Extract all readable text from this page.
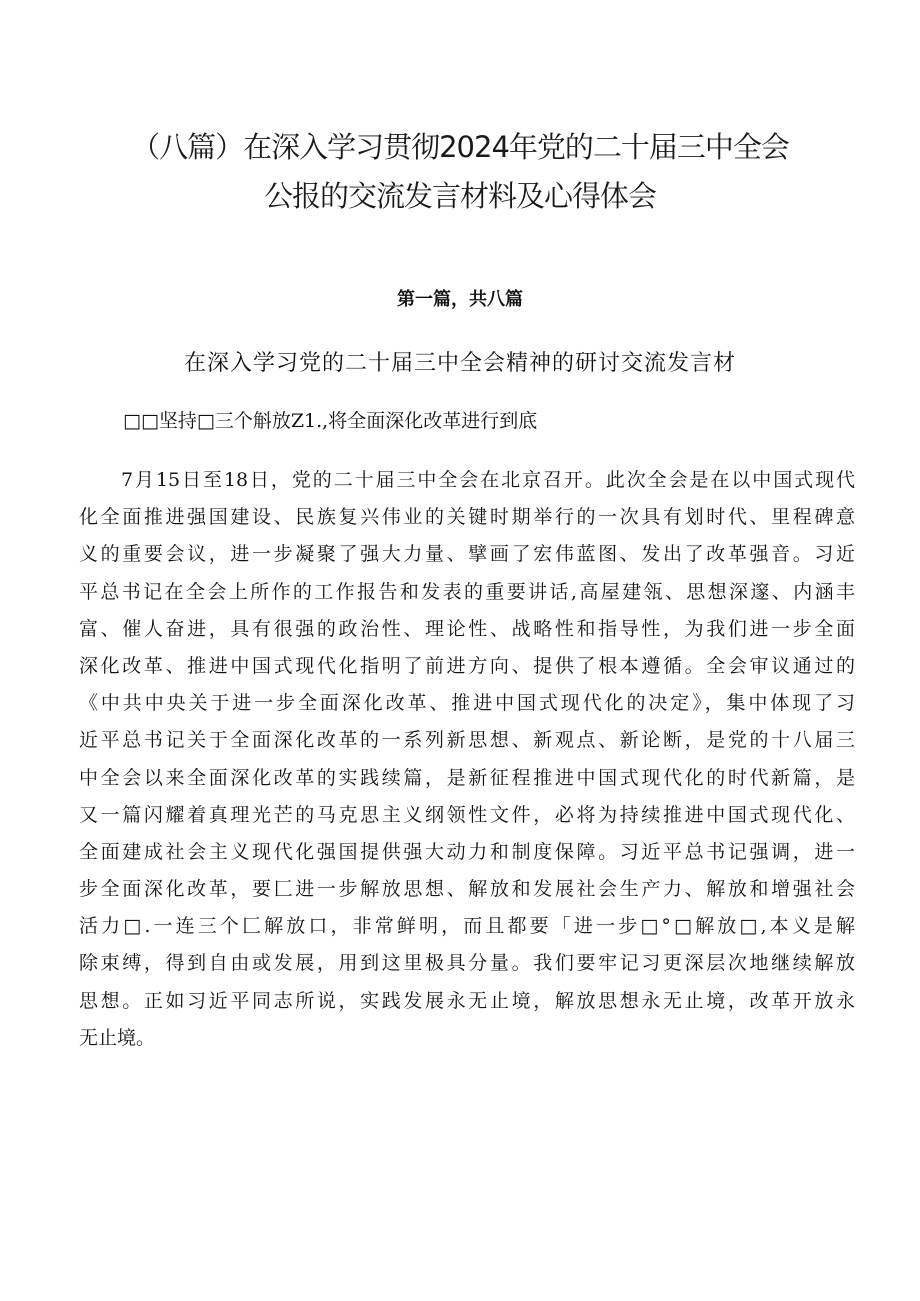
（八篇）在深入学习贯彻2024年党的二十届三中全会
公报的交流发言材料及心得体会
第一篇，共八篇
在深入学习党的二十届三中全会精神的研讨交流发言材
□□坚持□三个斛放Z1.,将全面深化改革进行到底
7月15日至18日，党的二十届三中全会在北京召开。此次全会是在以中国式现代
化全面推进强国建设、民族复兴伟业的关键时期举行的一次具有划时代、里程碑意
义的重要会议，进一步凝聚了强大力量、擘画了宏伟蓝图、发出了改革强音。习近
平总书记在全会上所作的工作报告和发表的重要讲话,高屋建瓴、思想深邃、内涵丰
富、催人奋进，具有很强的政治性、理论性、战略性和指导性，为我们进一步全面
深化改革、推进中国式现代化指明了前进方向、提供了根本遵循。全会审议通过的
《中共中央关于进一步全面深化改革、推进中国式现代化的决定》，集中体现了习
近平总书记关于全面深化改革的一系列新思想、新观点、新论断，是党的十八届三
中全会以来全面深化改革的实践续篇，是新征程推进中国式现代化的时代新篇，是
又一篇闪耀着真理光芒的马克思主义纲领性文件，必将为持续推进中国式现代化、
全面建成社会主义现代化强国提供强大动力和制度保障。习近平总书记强调，进一
步全面深化改革，要匚进一步解放思想、解放和发展社会生产力、解放和增强社会
活力□.一连三个匚解放口，非常鲜明，而且都要「进一步□°□解放□,本义是解
除束缚，得到自由或发展，用到这里极具分量。我们要牢记习更深层次地继续解放
思想。正如习近平同志所说，实践发展永无止境，解放思想永无止境，改革开放永
无止境。
